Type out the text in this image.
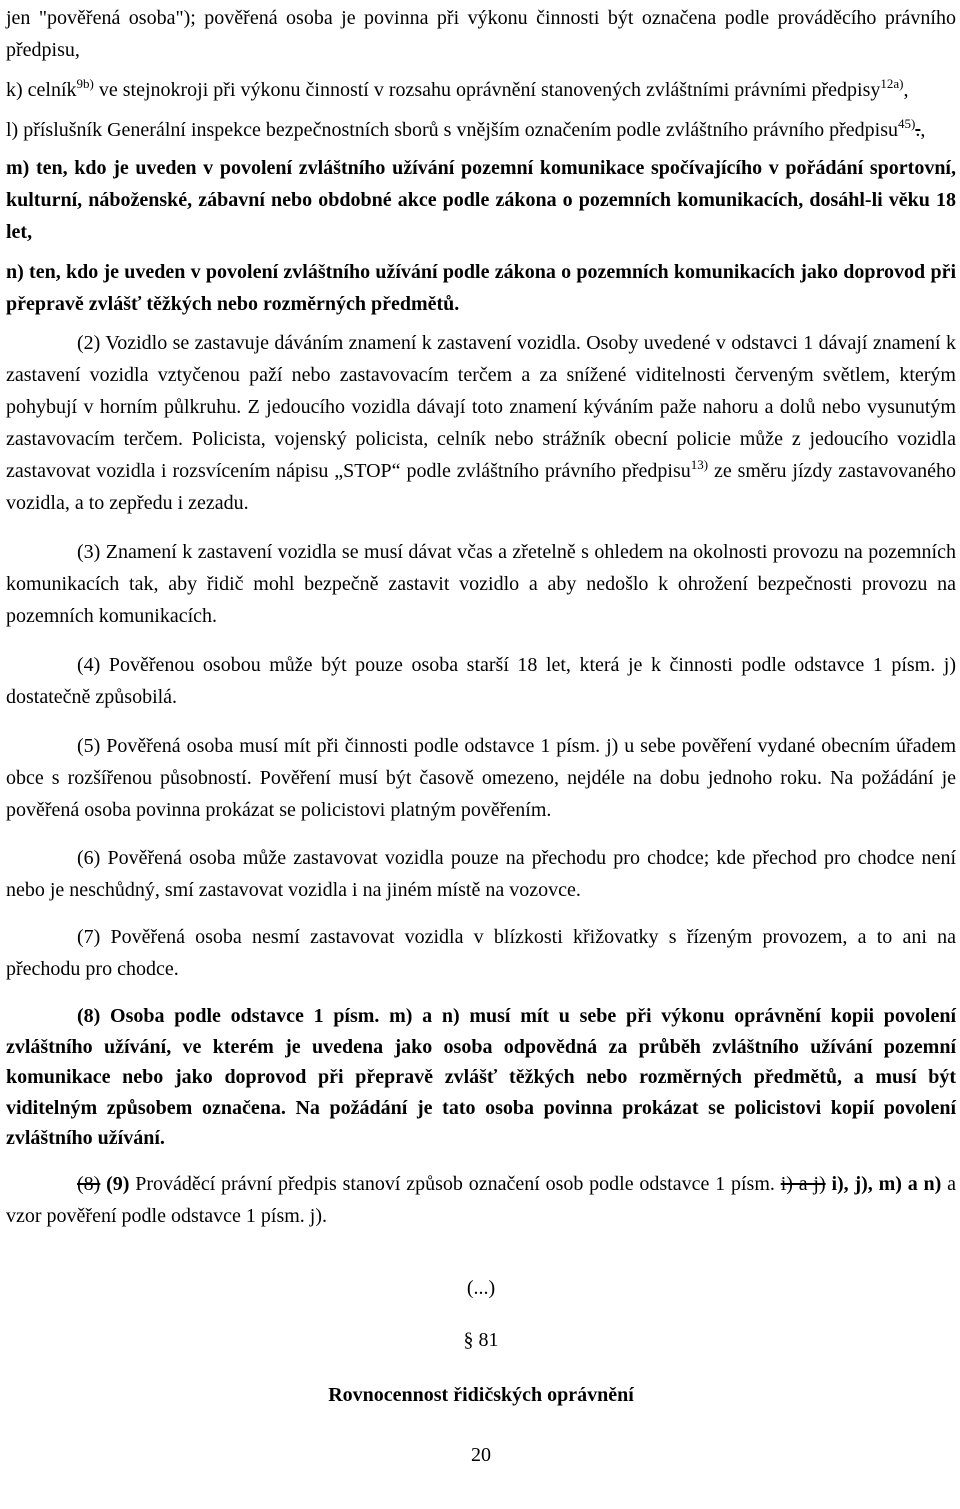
jen "pověřená osoba"); pověřená osoba je povinna při výkonu činnosti být označena podle prováděcího právního předpisu,

k) celník$^{9b)}$ ve stejnokroji při výkonu činností v rozsahu oprávnění stanovených zvláštními právními předpisy$^{12a)}$,

l) příslušník Generální inspekce bezpečnostních sborů s vnějším označením podle zvláštního právního předpisu$^{45)}$.,

m) ten, kdo je uveden v povolení zvláštního užívání pozemní komunikace spočívajícího v pořádání sportovní, kulturní, náboženské, zábavní nebo obdobné akce podle zákona o pozemních komunikacích, dosáhl-li věku 18 let,

n) ten, kdo je uveden v povolení zvláštního užívání podle zákona o pozemních komunikacích jako doprovod při přepravě zvlášť těžkých nebo rozměrných předmětů.

(2) Vozidlo se zastavuje dáváním znamení k zastavení vozidla. Osoby uvedené v odstavci 1 dávají znamení k zastavení vozidla vztyčenou paží nebo zastavovacím terčem a za snížené viditelnosti červeným světlem, kterým pohybují v horním půlkruhu. Z jedoucího vozidla dávají toto znamení kýváním paže nahoru a dolů nebo vysunutým zastavovacím terčem. Policista, vojenský policista, celník nebo strážník obecní policie může z jedoucího vozidla zastavovat vozidla i rozsvícením nápisu „STOP“ podle zvláštního právního předpisu$^{13)}$ ze směru jízdy zastavovaného vozidla, a to zepředu i zezadu.

(3) Znamení k zastavení vozidla se musí dávat včas a zřetelně s ohledem na okolnosti provozu na pozemních komunikacích tak, aby řidič mohl bezpečně zastavit vozidlo a aby nedošlo k ohrožení bezpečnosti provozu na pozemních komunikacích.

(4) Pověřenou osobou může být pouze osoba starší 18 let, která je k činnosti podle odstavce 1 písm. j) dostatečně způsobilá.

(5) Pověřená osoba musí mít při činnosti podle odstavce 1 písm. j) u sebe pověření vydané obecním úřadem obce s rozšířenou působností. Pověření musí být časově omezeno, nejdéle na dobu jednoho roku. Na požádání je pověřená osoba povinna prokázat se policistovi platným pověřením.

(6) Pověřená osoba může zastavovat vozidla pouze na přechodu pro chodce; kde přechod pro chodce není nebo je neschůdný, smí zastavovat vozidla i na jiném místě na vozovce.

(7) Pověřená osoba nesmí zastavovat vozidla v blízkosti křižovatky s řízeným provozem, a to ani na přechodu pro chodce.

(8) Osoba podle odstavce 1 písm. m) a n) musí mít u sebe při výkonu oprávnění kopii povolení zvláštního užívání, ve kterém je uvedena jako osoba odpovědná za průběh zvláštního užívání pozemní komunikace nebo jako doprovod při přepravě zvlášť těžkých nebo rozměrných předmětů, a musí být viditelným způsobem označena. Na požádání je tato osoba povinna prokázat se policistovi kopií povolení zvláštního užívání.

(8) (9) Prováděcí právní předpis stanoví způsob označení osob podle odstavce 1 písm. i) a j) i), j), m) a n) a vzor pověření podle odstavce 1 písm. j).

(...)

§ 81

Rovnocennost řidičských oprávnění

20
